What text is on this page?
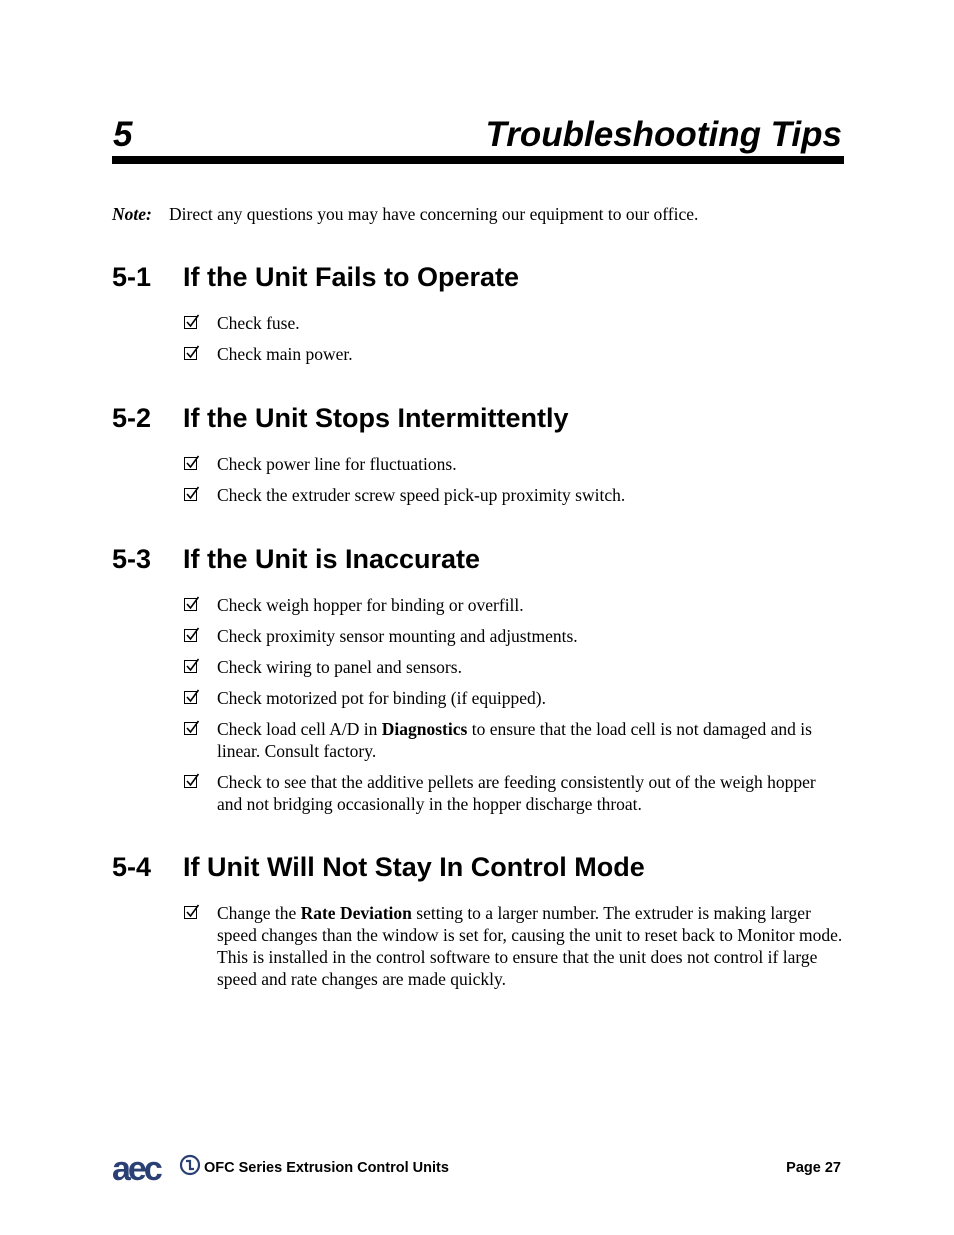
5	Troubleshooting Tips
Note: Direct any questions you may have concerning our equipment to our office.
5-1 If the Unit Fails to Operate
Check fuse.
Check main power.
5-2 If the Unit Stops Intermittently
Check power line for fluctuations.
Check the extruder screw speed pick-up proximity switch.
5-3 If the Unit is Inaccurate
Check weigh hopper for binding or overfill.
Check proximity sensor mounting and adjustments.
Check wiring to panel and sensors.
Check motorized pot for binding (if equipped).
Check load cell A/D in Diagnostics to ensure that the load cell is not damaged and is linear. Consult factory.
Check to see that the additive pellets are feeding consistently out of the weigh hopper and not bridging occasionally in the hopper discharge throat.
5-4 If Unit Will Not Stay In Control Mode
Change the Rate Deviation setting to a larger number. The extruder is making larger speed changes than the window is set for, causing the unit to reset back to Monitor mode. This is installed in the control software to ensure that the unit does not control if large speed and rate changes are made quickly.
aec	OFC Series Extrusion Control Units	Page 27
